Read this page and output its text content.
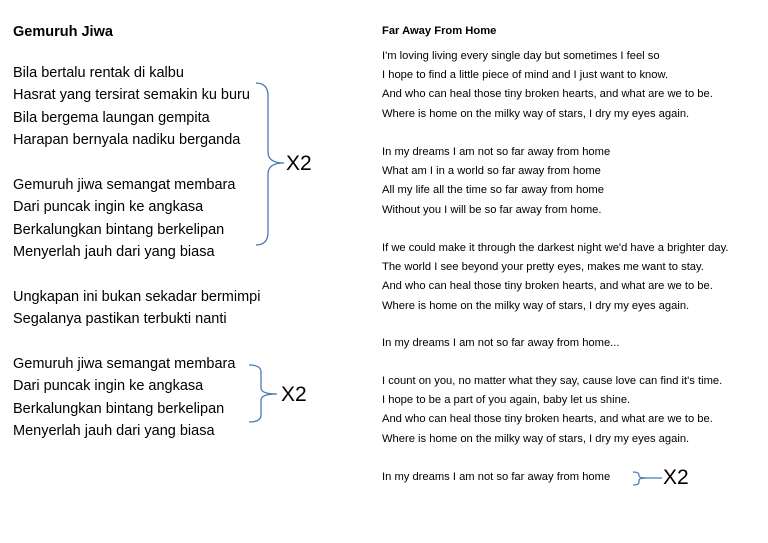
Gemuruh Jiwa
Bila bertalu rentak di kalbu
Hasrat yang tersirat semakin ku buru
Bila bergema laungan gempita
Harapan bernyala nadiku berganda
Gemuruh jiwa semangat membara
Dari puncak ingin ke angkasa
Berkalungkan bintang berkelipan
Menyerlah jauh dari yang biasa
Ungkapan ini bukan sekadar bermimpi
Segalanya pastikan terbukti nanti
Gemuruh jiwa semangat membara
Dari puncak ingin ke angkasa
Berkalungkan bintang berkelipan
Menyerlah jauh dari yang biasa
X2
X2
Far Away From Home
I'm loving living every single day but sometimes I feel so
I hope to find a little piece of mind and I just want to know.
And who can heal those tiny broken hearts, and what are we to be.
Where is home on the milky way of stars, I dry my eyes again.
In my dreams I am not so far away from home
What am I in a world so far away from home
All my life all the time so far away from home
Without you I will be so far away from home.
If we could make it through the darkest night we'd have a brighter day.
The world I see beyond your pretty eyes, makes me want to stay.
And who can heal those tiny broken hearts, and what are we to be.
Where is home on the milky way of stars, I dry my eyes again.
In my dreams I am not so far away from home...
I count on you, no matter what they say, cause love can find it's time.
I hope to be a part of you again, baby let us shine.
And who can heal those tiny broken hearts, and what are we to be.
Where is home on the milky way of stars, I dry my eyes again.
In my dreams I am not so far away from home	X2
